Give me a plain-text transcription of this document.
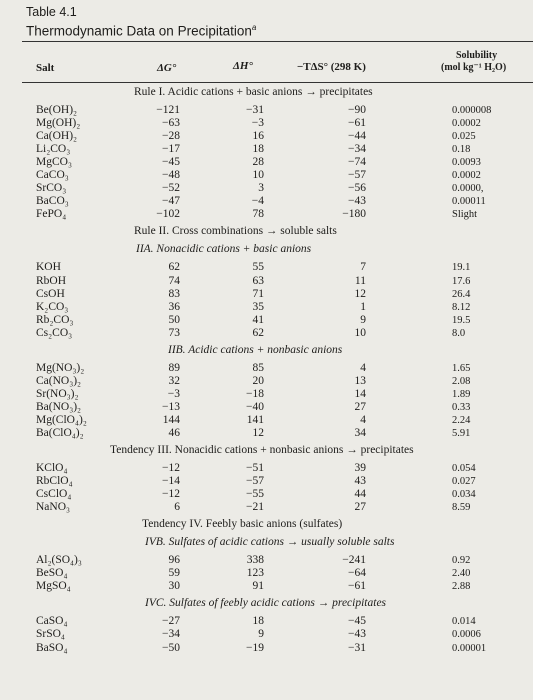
Table 4.1
Thermodynamic Data on Precipitation$^a$
Salt	ΔG°	ΔH°	−TΔS° (298 K)
Solubility
(mol kg⁻¹ H₂O)
Rule I. Acidic cations + basic anions → precipitates
Be(OH)₂	−121	−31	−90	0.000008
Mg(OH)₂	−63	−3	−61	0.0002
Ca(OH)₂	−28	16	−44	0.025
Li₂CO₃	−17	18	−34	0.18
MgCO₃	−45	28	−74	0.0093
CaCO₃	−48	10	−57	0.0002
SrCO₃	−52	3	−56	0.0000,
BaCO₃	−47	−4	−43	0.00011
FePO₄	−102	78	−180	Slight
Rule II. Cross combinations → soluble salts
IIA. Nonacidic cations + basic anions
KOH	62	55	7	19.1
RbOH	74	63	11	17.6
CsOH	83	71	12	26.4
K₂CO₃	36	35	1	8.12
Rb₂CO₃	50	41	9	19.5
Cs₂CO₃	73	62	10	8.0
IIB. Acidic cations + nonbasic anions
Mg(NO₃)₂	89	85	4	1.65
Ca(NO₃)₂	32	20	13	2.08
Sr(NO₃)₂	−3	−18	14	1.89
Ba(NO₃)₂	−13	−40	27	0.33
Mg(ClO₄)₂	144	141	4	2.24
Ba(ClO₄)₂	46	12	34	5.91
Tendency III. Nonacidic cations + nonbasic anions → precipitates
KClO₄	−12	−51	39	0.054
RbClO₄	−14	−57	43	0.027
CsClO₄	−12	−55	44	0.034
NaNO₃	6	−21	27	8.59
Tendency IV. Feebly basic anions (sulfates)
IVB. Sulfates of acidic cations → usually soluble salts
Al₂(SO₄)₃	96	338	−241	0.92
BeSO₄	59	123	−64	2.40
MgSO₄	30	91	−61	2.88
IVC. Sulfates of feebly acidic cations → precipitates
CaSO₄	−27	18	−45	0.014
SrSO₄	−34	9	−43	0.0006
BaSO₄	−50	−19	−31	0.00001
